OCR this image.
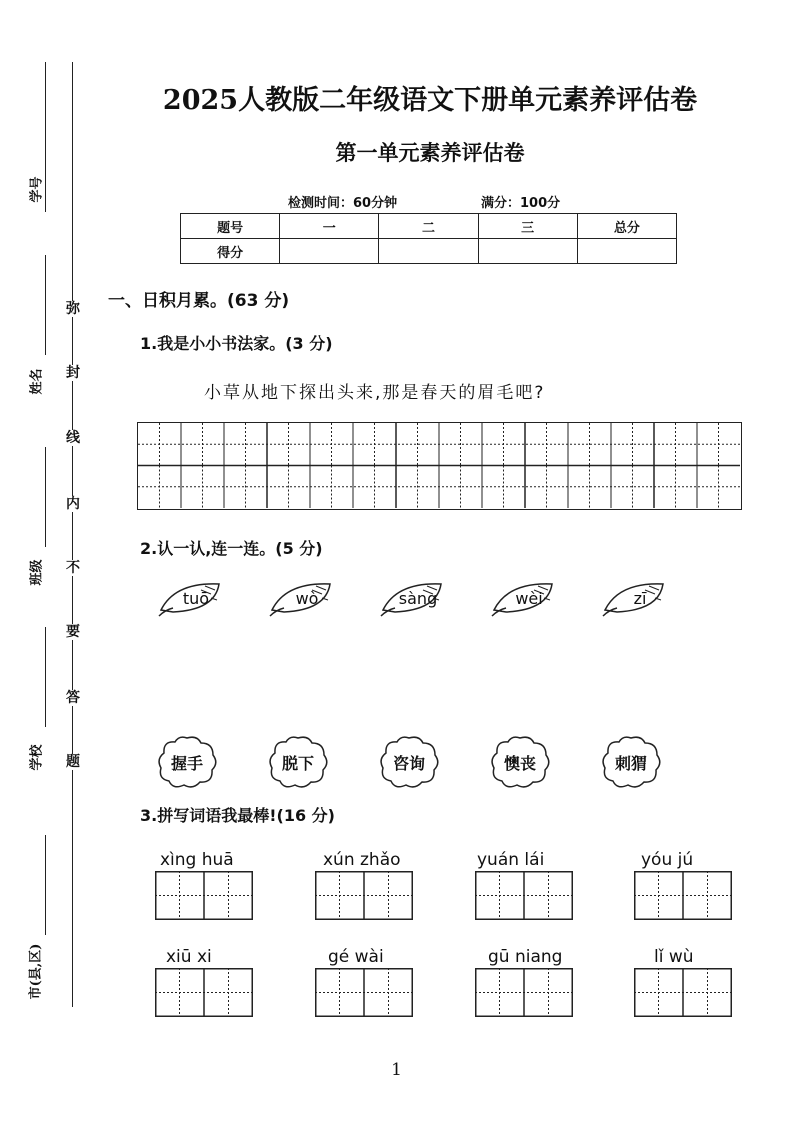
学号
姓名
班级
学校
市(县,区)
弥
封
线
内
不
要
答
题
2025人教版二年级语文下册单元素养评估卷
第一单元素养评估卷
检测时间：60分钟	满分：100分
题号	一	二	三	总分
得分				
一、日积月累。(63 分)
1.我是小小书法家。(3 分)
小草从地下探出头来,那是春天的眉毛吧?
2.认一认,连一连。(5 分)
tuō	wò	sàng	wèi	zī
握手	脱下	咨询	懊丧	刺猬
3.拼写词语我最棒!(16 分)
xìng huā	xún zhǎo	yuán lái	yóu jú
xiū xi	gé wài	gū niang	lǐ wù
1
